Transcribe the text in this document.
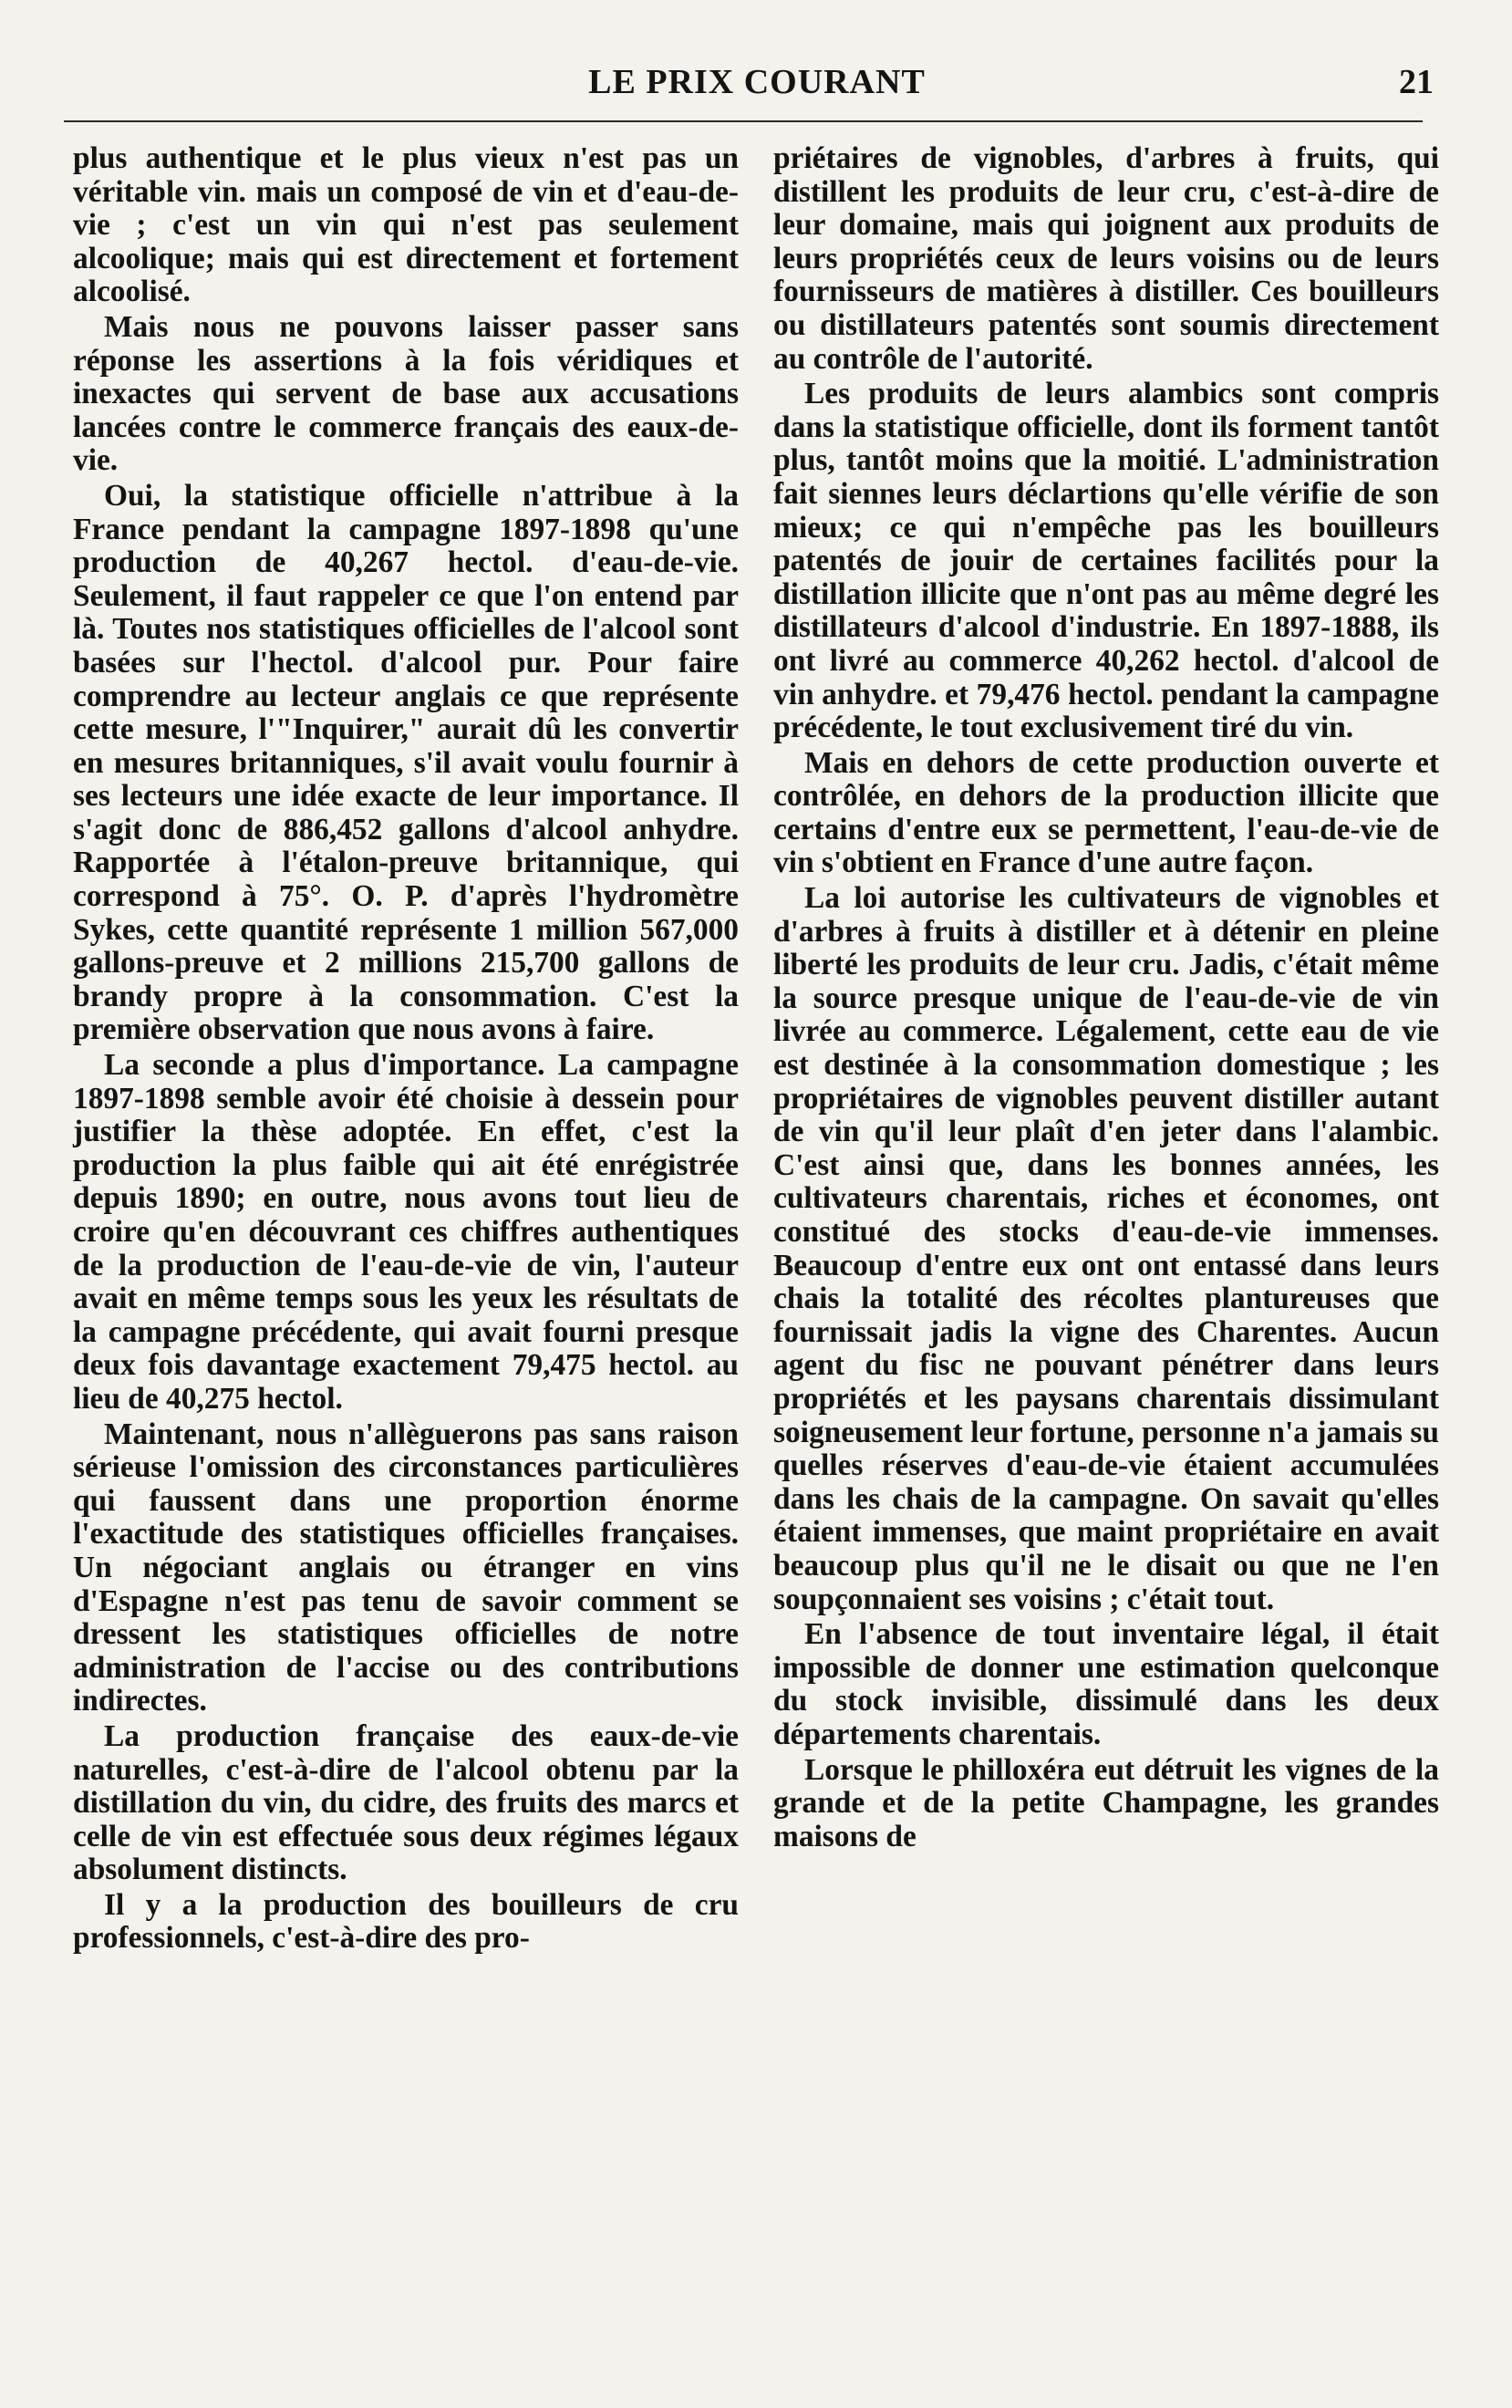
LE PRIX COURANT	21

plus authentique et le plus vieux n'est pas un véritable vin. mais un composé de vin et d'eau-de-vie ; c'est un vin qui n'est pas seulement alcoolique; mais qui est directement et fortement alcoolisé.

Mais nous ne pouvons laisser passer sans réponse les assertions à la fois véridiques et inexactes qui servent de base aux accusations lancées contre le commerce français des eaux-de-vie.

Oui, la statistique officielle n'attribue à la France pendant la campagne 1897-1898 qu'une production de 40,267 hectol. d'eau-de-vie. Seulement, il faut rappeler ce que l'on entend par là. Toutes nos statistiques officielles de l'alcool sont basées sur l'hectol. d'alcool pur. Pour faire comprendre au lecteur anglais ce que représente cette mesure, l'"Inquirer," aurait dû les convertir en mesures britanniques, s'il avait voulu fournir à ses lecteurs une idée exacte de leur importance. Il s'agit donc de 886,452 gallons d'alcool anhydre. Rapportée à l'étalon-preuve britannique, qui correspond à 75°. O. P. d'après l'hydromètre Sykes, cette quantité représente 1 million 567,000 gallons-preuve et 2 millions 215,700 gallons de brandy propre à la consommation. C'est la première observation que nous avons à faire.

La seconde a plus d'importance. La campagne 1897-1898 semble avoir été choisie à dessein pour justifier la thèse adoptée. En effet, c'est la production la plus faible qui ait été enrégistrée depuis 1890; en outre, nous avons tout lieu de croire qu'en découvrant ces chiffres authentiques de la production de l'eau-de-vie de vin, l'auteur avait en même temps sous les yeux les résultats de la campagne précédente, qui avait fourni presque deux fois davantage exactement 79,475 hectol. au lieu de 40,275 hectol.

Maintenant, nous n'allèguerons pas sans raison sérieuse l'omission des circonstances particulières qui faussent dans une proportion énorme l'exactitude des statistiques officielles françaises. Un négociant anglais ou étranger en vins d'Espagne n'est pas tenu de savoir comment se dressent les statistiques officielles de notre administration de l'accise ou des contributions indirectes.

La production française des eaux-de-vie naturelles, c'est-à-dire de l'alcool obtenu par la distillation du vin, du cidre, des fruits des marcs et celle de vin est effectuée sous deux régimes légaux absolument distincts.

Il y a la production des bouilleurs de cru professionnels, c'est-à-dire des pro-

priétaires de vignobles, d'arbres à fruits, qui distillent les produits de leur cru, c'est-à-dire de leur domaine, mais qui joignent aux produits de leurs propriétés ceux de leurs voisins ou de leurs fournisseurs de matières à distiller. Ces bouilleurs ou distillateurs patentés sont soumis directement au contrôle de l'autorité.

Les produits de leurs alambics sont compris dans la statistique officielle, dont ils forment tantôt plus, tantôt moins que la moitié. L'administration fait siennes leurs déclartions qu'elle vérifie de son mieux; ce qui n'empêche pas les bouilleurs patentés de jouir de certaines facilités pour la distillation illicite que n'ont pas au même degré les distillateurs d'alcool d'industrie. En 1897-1888, ils ont livré au commerce 40,262 hectol. d'alcool de vin anhydre. et 79,476 hectol. pendant la campagne précédente, le tout exclusivement tiré du vin.

Mais en dehors de cette production ouverte et contrôlée, en dehors de la production illicite que certains d'entre eux se permettent, l'eau-de-vie de vin s'obtient en France d'une autre façon.

La loi autorise les cultivateurs de vignobles et d'arbres à fruits à distiller et à détenir en pleine liberté les produits de leur cru. Jadis, c'était même la source presque unique de l'eau-de-vie de vin livrée au commerce. Légalement, cette eau de vie est destinée à la consommation domestique ; les propriétaires de vignobles peuvent distiller autant de vin qu'il leur plaît d'en jeter dans l'alambic. C'est ainsi que, dans les bonnes années, les cultivateurs charentais, riches et économes, ont constitué des stocks d'eau-de-vie immenses. Beaucoup d'entre eux ont ont entassé dans leurs chais la totalité des récoltes plantureuses que fournissait jadis la vigne des Charentes. Aucun agent du fisc ne pouvant pénétrer dans leurs propriétés et les paysans charentais dissimulant soigneusement leur fortune, personne n'a jamais su quelles réserves d'eau-de-vie étaient accumulées dans les chais de la campagne. On savait qu'elles étaient immenses, que maint propriétaire en avait beaucoup plus qu'il ne le disait ou que ne l'en soupçonnaient ses voisins ; c'était tout.

En l'absence de tout inventaire légal, il était impossible de donner une estimation quelconque du stock invisible, dissimulé dans les deux départements charentais.

Lorsque le philloxéra eut détruit les vignes de la grande et de la petite Champagne, les grandes maisons de
